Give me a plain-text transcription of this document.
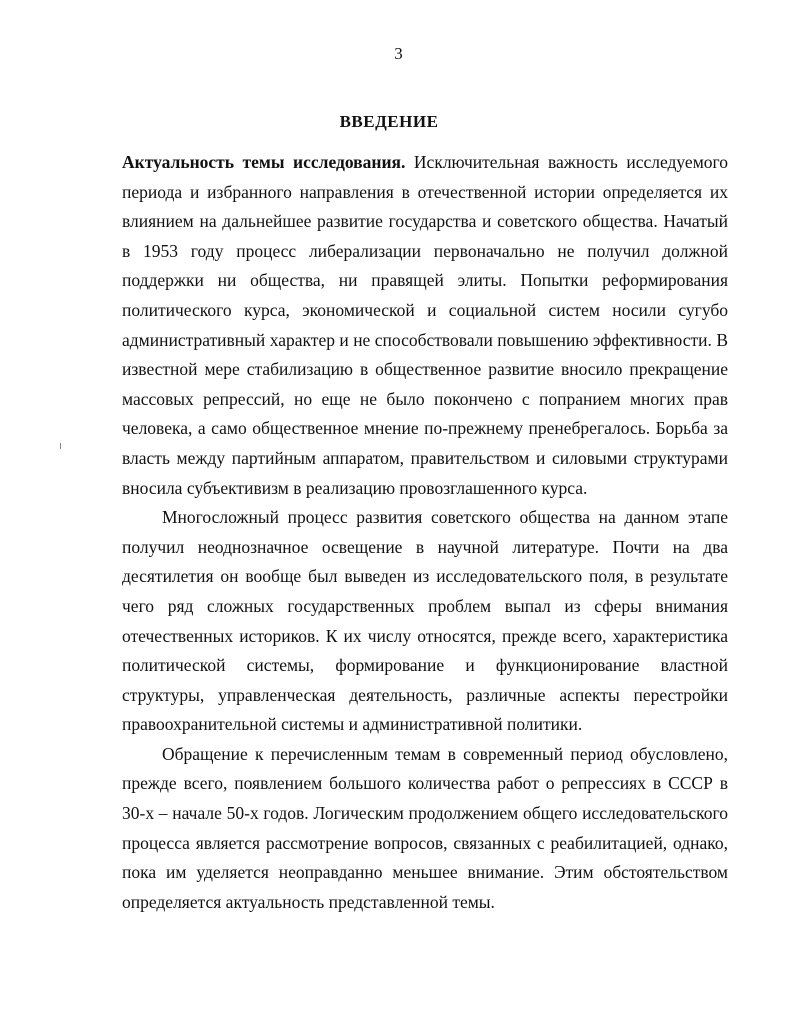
3
ВВЕДЕНИЕ

Актуальность темы исследования. Исключительная важность исследуемого периода и избранного направления в отечественной истории определяется их влиянием на дальнейшее развитие государства и советского общества. Начатый в 1953 году процесс либерализации первоначально не получил должной поддержки ни общества, ни правящей элиты. Попытки реформирования политического курса, экономической и социальной систем носили сугубо административный характер и не способствовали повышению эффективности. В известной мере стабилизацию в общественное развитие вносило прекращение массовых репрессий, но еще не было покончено с попранием многих прав человека, а само общественное мнение по-прежнему пренебрегалось. Борьба за власть между партийным аппаратом, правительством и силовыми структурами вносила субъективизм в реализацию провозглашенного курса.

Многосложный процесс развития советского общества на данном этапе получил неоднозначное освещение в научной литературе. Почти на два десятилетия он вообще был выведен из исследовательского поля, в результате чего ряд сложных государственных проблем выпал из сферы внимания отечественных историков. К их числу относятся, прежде всего, характеристика политической системы, формирование и функционирование властной структуры, управленческая деятельность, различные аспекты перестройки правоохранительной системы и административной политики.

Обращение к перечисленным темам в современный период обусловлено, прежде всего, появлением большого количества работ о репрессиях в СССР в 30-х – начале 50-х годов. Логическим продолжением общего исследовательского процесса является рассмотрение вопросов, связанных с реабилитацией, однако, пока им уделяется неоправданно меньшее внимание. Этим обстоятельством определяется актуальность представленной темы.
